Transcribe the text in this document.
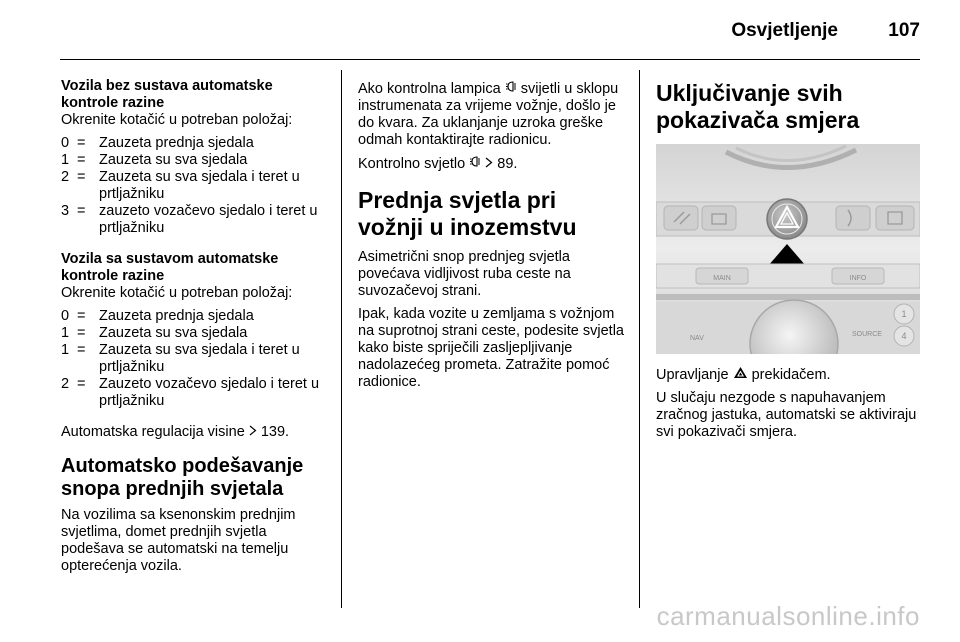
Osvjetljenje	107
Vozila bez sustava automatske kontrole razine

Okrenite kotačić u potreban položaj:

0 = Zauzeta prednja sjedala
1 = Zauzeta su sva sjedala
2 = Zauzeta su sva sjedala i teret u prtljažniku
3 = zauzeto vozačevo sjedalo i teret u prtljažniku
Vozila sa sustavom automatske kontrole razine

Okrenite kotačić u potreban položaj:

0 = Zauzeta prednja sjedala
1 = Zauzeta su sva sjedala
1 = Zauzeta su sva sjedala i teret u prtljažniku
2 = Zauzeto vozačevo sjedalo i teret u prtljažniku

Automatska regulacija visine 139.

Automatsko podešavanje snopa prednjih svjetala

Na vozilima sa ksenonskim prednjim svjetlima, domet prednjih svjetla podešava se automatski na temelju opterećenja vozila.

Ako kontrolna lampica svijetli u sklopu instrumenata za vrijeme vožnje, došlo je do kvara. Za uklanjanje uzroka greške odmah kontaktirajte radionicu.

Kontrolno svjetlo 89.

Prednja svjetla pri vožnji u inozemstvu

Asimetrični snop prednjeg svjetla povećava vidljivost ruba ceste na suvozačevoj strani.

Ipak, kada vozite u zemljama s vožnjom na suprotnoj strani ceste, podesite svjetla kako biste spriječili zasljepljivanje nadolazećeg prometa. Zatražite pomoć radionice.

Uključivanje svih pokazivača smjera
MAIN	INFO
NAV
SOURCE
1
4

Upravljanje prekidačem.

U slučaju nezgode s napuhavanjem zračnog jastuka, automatski se aktiviraju svi pokazivači smjera.

carmanualsonline.info
